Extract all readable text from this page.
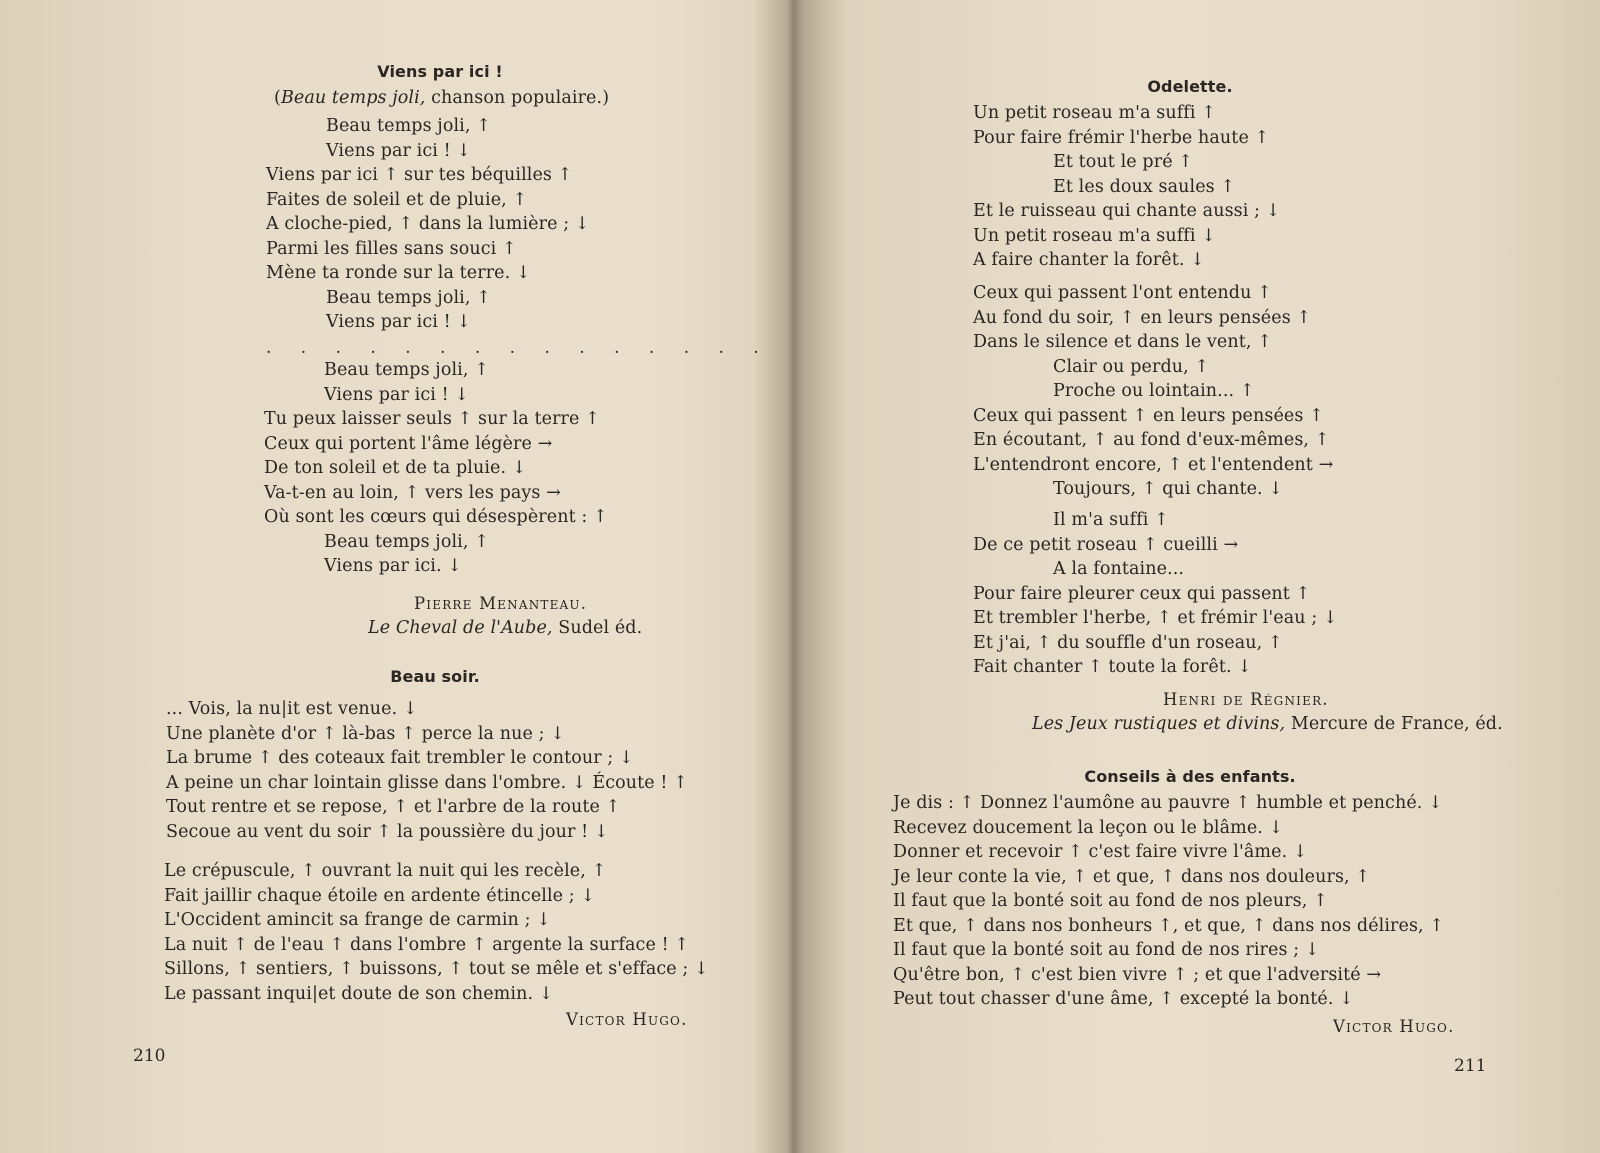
Viens par ici !
(Beau temps joli, chanson populaire.)
Beau temps joli, ↑
Viens par ici ! ↓
Viens par ici ↑ sur tes béquilles ↑
Faites de soleil et de pluie, ↑
A cloche-pied, ↑ dans la lumière ; ↓
Parmi les filles sans souci ↑
Mène ta ronde sur la terre. ↓
Beau temps joli, ↑
Viens par ici ! ↓
. . . . . . . . . . . . . . .
Beau temps joli, ↑
Viens par ici ! ↓
Tu peux laisser seuls ↑ sur la terre ↑
Ceux qui portent l'âme légère →
De ton soleil et de ta pluie. ↓
Va-t-en au loin, ↑ vers les pays →
Où sont les cœurs qui désespèrent : ↑
Beau temps joli, ↑
Viens par ici. ↓
Pierre Menanteau.
Le Cheval de l'Aube, Sudel éd.
Beau soir.
... Vois, la nu|it est venue. ↓
Une planète d'or ↑ là-bas ↑ perce la nue ; ↓
La brume ↑ des coteaux fait trembler le contour ; ↓
A peine un char lointain glisse dans l'ombre. ↓ Écoute ! ↑
Tout rentre et se repose, ↑ et l'arbre de la route ↑
Secoue au vent du soir ↑ la poussière du jour ! ↓
Le crépuscule, ↑ ouvrant la nuit qui les recèle, ↑
Fait jaillir chaque étoile en ardente étincelle ; ↓
L'Occident amincit sa frange de carmin ; ↓
La nuit ↑ de l'eau ↑ dans l'ombre ↑ argente la surface ! ↑
Sillons, ↑ sentiers, ↑ buissons, ↑ tout se mêle et s'efface ; ↓
Le passant inqui|et doute de son chemin. ↓
Victor Hugo.
210
Odelette.
Un petit roseau m'a suffi ↑
Pour faire frémir l'herbe haute ↑
Et tout le pré ↑
Et les doux saules ↑
Et le ruisseau qui chante aussi ; ↓
Un petit roseau m'a suffi ↓
A faire chanter la forêt. ↓
Ceux qui passent l'ont entendu ↑
Au fond du soir, ↑ en leurs pensées ↑
Dans le silence et dans le vent, ↑
Clair ou perdu, ↑
Proche ou lointain... ↑
Ceux qui passent ↑ en leurs pensées ↑
En écoutant, ↑ au fond d'eux-mêmes, ↑
L'entendront encore, ↑ et l'entendent →
Toujours, ↑ qui chante. ↓
Il m'a suffi ↑
De ce petit roseau ↑ cueilli →
A la fontaine...
Pour faire pleurer ceux qui passent ↑
Et trembler l'herbe, ↑ et frémir l'eau ; ↓
Et j'ai, ↑ du souffle d'un roseau, ↑
Fait chanter ↑ toute la forêt. ↓
Henri de Régnier.
Les Jeux rustiques et divins, Mercure de France, éd.
Conseils à des enfants.
Je dis : ↑ Donnez l'aumône au pauvre ↑ humble et penché. ↓
Recevez doucement la leçon ou le blâme. ↓
Donner et recevoir ↑ c'est faire vivre l'âme. ↓
Je leur conte la vie, ↑ et que, ↑ dans nos douleurs, ↑
Il faut que la bonté soit au fond de nos pleurs, ↑
Et que, ↑ dans nos bonheurs ↑, et que, ↑ dans nos délires, ↑
Il faut que la bonté soit au fond de nos rires ; ↓
Qu'être bon, ↑ c'est bien vivre ↑ ; et que l'adversité →
Peut tout chasser d'une âme, ↑ excepté la bonté. ↓
Victor Hugo.
211
